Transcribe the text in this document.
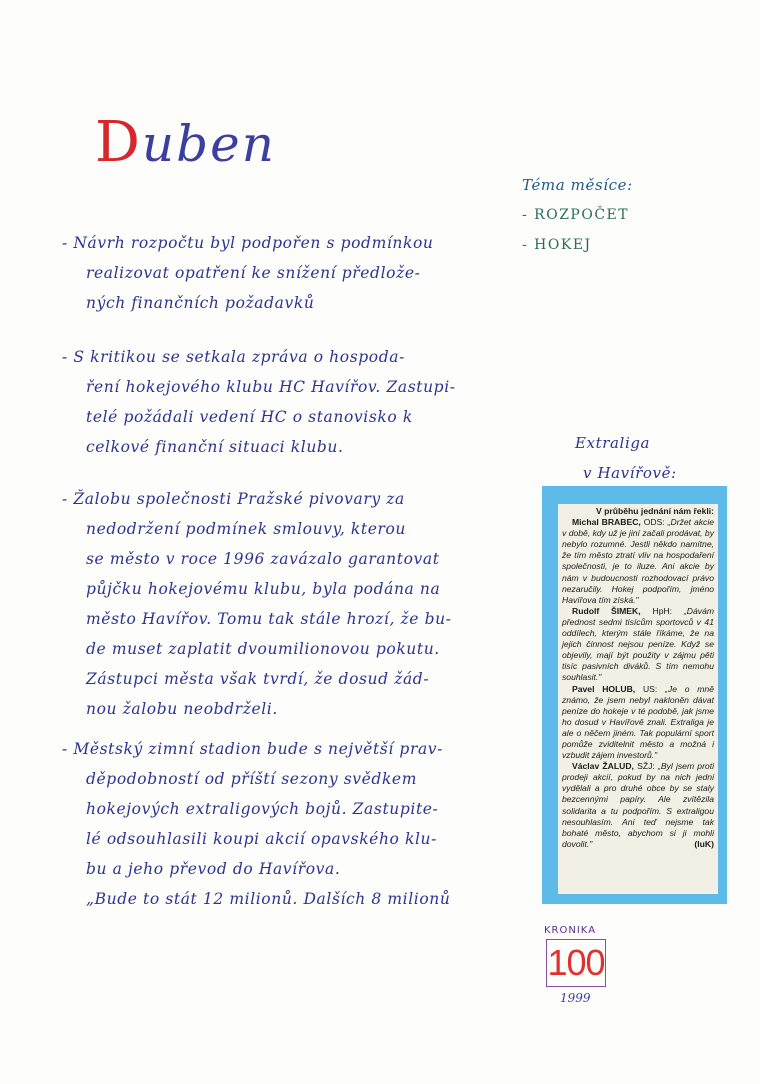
Duben
Téma měsíce:
- ROZPOČET
- HOKEJ
- Návrh rozpočtu byl podpořen s podmínkou
realizovat opatření ke snížení předlože-
ných finančních požadavků
- S kritikou se setkala zpráva o hospoda-
ření hokejového klubu HC Havířov. Zastupi-
telé požádali vedení HC o stanovisko k
celkové finanční situaci klubu.
- Žalobu společnosti Pražské pivovary za
nedodržení podmínek smlouvy, kterou
se město v roce 1996 zavázalo garantovat
půjčku hokejovému klubu, byla podána na
město Havířov. Tomu tak stále hrozí, že bu-
de muset zaplatit dvoumilionovou pokutu.
Zástupci města však tvrdí, že dosud žád-
nou žalobu neobdrželi.
- Městský zimní stadion bude s největší prav-
děpodobností od příští sezony svědkem
hokejových extraligových bojů. Zastupite-
lé odsouhlasili koupi akcií opavského klu-
bu a jeho převod do Havířova.
„Bude to stát 12 milionů. Dalších 8 milionů
Extraliga
v Havířově:
V průběhu jednání nám řekli:

Michal BRABEC, ODS: „Držet akcie v době, kdy už je jiní začali prodávat, by nebylo rozumné. Jestli někdo namítne, že tím město ztratí vliv na hospodaření společnosti, je to iluze. Ani akcie by nám v budoucnosti rozhodovací právo nezaručily. Hokej podpořím, jméno Havířova tím získá."

Rudolf ŠIMEK, HpH: „Dávám přednost sedmi tisícům sportovců v 41 oddílech, kterým stále říkáme, že na jejich činnost nejsou peníze. Když se objevily, mají být použity v zájmu pěti tisíc pasivních diváků. S tím nemohu souhlasit."

Pavel HOLUB, US: „Je o mně známo, že jsem nebyl nakloněn dávat peníze do hokeje v té podobě, jak jsme ho dosud v Havířově znali. Extraliga je ale o něčem jiném. Tak populární sport pomůže zviditelnit město a možná i vzbudit zájem investorů."

Václav ŽALUD, SŽJ: „Byl jsem proti prodeji akcií, pokud by na nich jedni vydělali a pro druhé obce by se staly bezcennými papíry. Ale zvítězila solidarita a tu podpořím. S extraligou nesouhlasím. Ani teď nejsme tak bohaté město, abychom si ji mohli dovolit."	(luK)
KRONIKA
100
1999
